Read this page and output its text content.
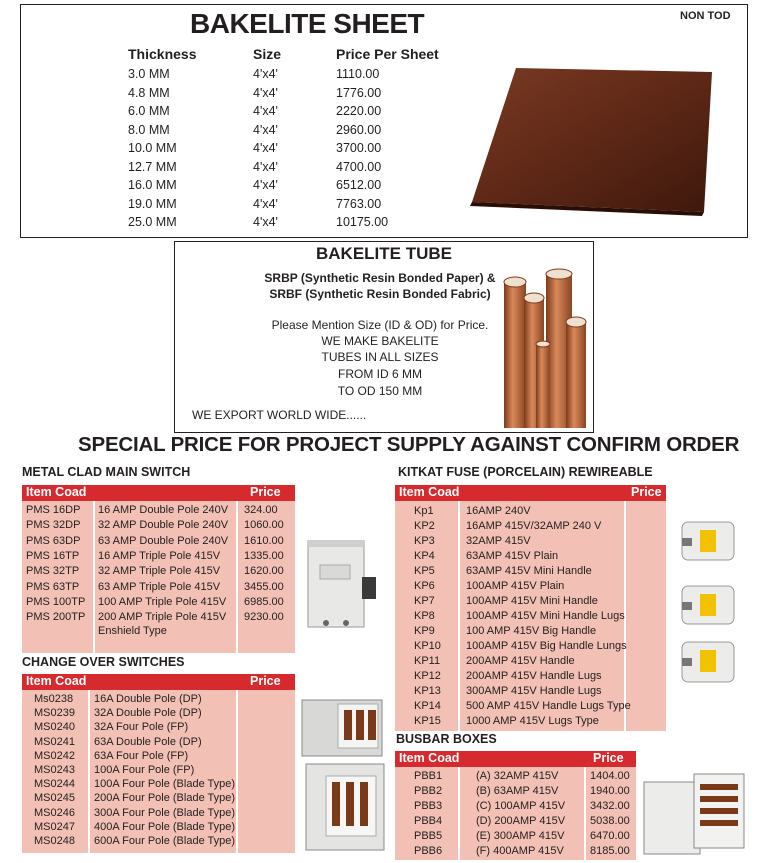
BAKELITE SHEET	NON TOD
Thickness	Size	Price Per Sheet
3.0 MM	4'x4'	1110.00
4.8 MM	4'x4'	1776.00
6.0 MM	4'x4'	2220.00
8.0 MM	4'x4'	2960.00
10.0 MM	4'x4'	3700.00
12.7 MM	4'x4'	4700.00
16.0 MM	4'x4'	6512.00
19.0 MM	4'x4'	7763.00
25.0 MM	4'x4'	10175.00
BAKELITE TUBE
SRBP (Synthetic Resin Bonded Paper) &
SRBF (Synthetic Resin Bonded Fabric)
Please Mention Size (ID & OD) for Price.
WE MAKE BAKELITE
TUBES IN ALL SIZES
FROM ID 6 MM
TO OD 150 MM
WE EXPORT WORLD WIDE......
SPECIAL PRICE FOR PROJECT SUPPLY AGAINST CONFIRM ORDER
METAL CLAD MAIN SWITCH
Item Coad	Price
PMS 16DP 16 AMP Double Pole 240V 324.00
PMS 32DP 32 AMP Double Pole 240V 1060.00
PMS 63DP 63 AMP Double Pole 240V 1610.00
PMS 16TP 16 AMP Triple Pole 415V 1335.00
PMS 32TP 32 AMP Triple Pole 415V 1620.00
PMS 63TP 63 AMP Triple Pole 415V 3455.00
PMS 100TP 100 AMP Triple Pole 415V 6985.00
PMS 200TP 200 AMP Triple Pole 415V 9230.00
Enshield Type
CHANGE OVER SWITCHES
Item Coad	Price
Ms0238 16A Double Pole (DP)
MS0239 32A Double Pole (DP)
MS0240 32A Four Pole (FP)
MS0241 63A Double Pole (DP)
MS0242 63A Four Pole (FP)
MS0243 100A Four Pole (FP)
MS0244 100A Four Pole (Blade Type)
MS0245 200A Four Pole (Blade Type)
MS0246 300A Four Pole (Blade Type)
MS0247 400A Four Pole (Blade Type)
MS0248 600A Four Pole (Blade Type)
KITKAT FUSE (PORCELAIN) REWIREABLE
Item Coad	Price
Kp1	16AMP 240V
KP2	16AMP 415V/32AMP 240 V
KP3	32AMP 415V
KP4	63AMP 415V Plain
KP5	63AMP 415V Mini Handle
KP6	100AMP 415V Plain
KP7	100AMP 415V Mini Handle
KP8	100AMP 415V Mini Handle Lugs
KP9	100 AMP 415V Big Handle
KP10 100AMP 415V Big Handle Lungs
KP11 200AMP 415V Handle
KP12 200AMP 415V Handle Lugs
KP13 300AMP 415V Handle Lugs
KP14 500 AMP 415V Handle Lugs Type
KP15 1000 AMP 415V Lugs Type
BUSBAR BOXES
Item Coad	Price
PBB1	(A) 32AMP 415V	1404.00
PBB2	(B) 63AMP 415V	1940.00
PBB3	(C) 100AMP 415V 3432.00
PBB4	(D) 200AMP 415V 5038.00
PBB5	(E) 300AMP 415V 6470.00
PBB6	(F) 400AMP 415V 8185.00
